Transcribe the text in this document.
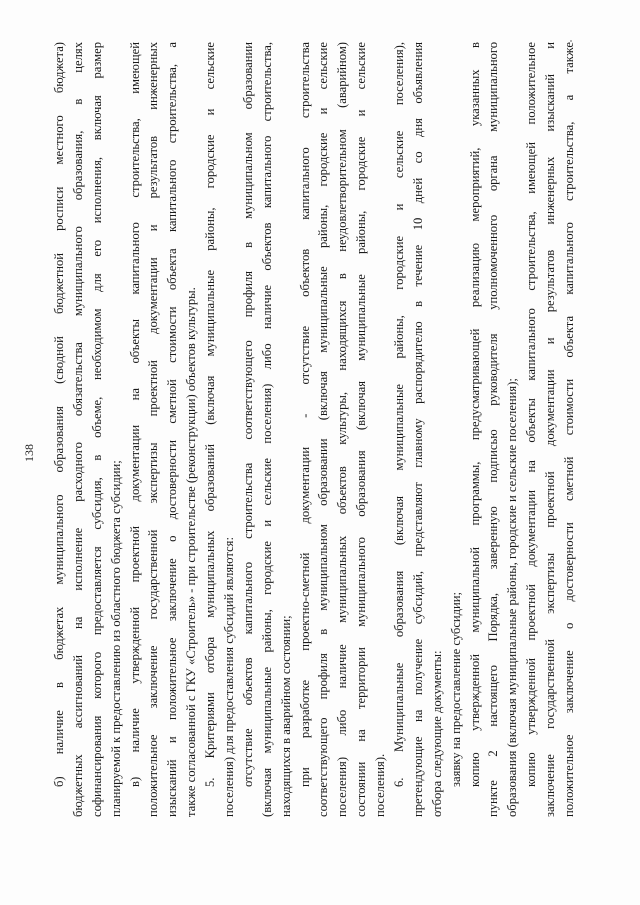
138 б) наличие в бюджетах муниципального образования (сводной бюджетной росписи местного бюджета) бюджетных ассигнований на исполнение расходного обязательства муниципального образования, в целях софинансирования которого предоставляется субсидия, в объеме, необходимом для его исполнения, включая размер планируемой к предоставлению из областного бюджета субсидии; в) наличие утвержденной проектной документации на объекты капитального строительства, имеющей положительное заключение государственной экспертизы проектной документации и результатов инженерных изысканий и положительное заключение о достоверности сметной стоимости объекта капитального строительства, а также согласованной с ГКУ «Строитель» - при строительстве (реконструкции) объектов культуры. 5. Критериями отбора муниципальных образований (включая муниципальные районы, городские и сельские поселения) для предоставления субсидий являются: отсутствие объектов капитального строительства соответствующего профиля в муниципальном образовании (включая муниципальные районы, городские и сельские поселения) либо наличие объектов капитального строительства, находящихся в аварийном состоянии; при разработке проектно-сметной документации - отсутствие объектов капитального строительства соответствующего профиля в муниципальном образовании (включая муниципальные районы, городские и сельские поселения) либо наличие муниципальных объектов культуры, находящихся в неудовлетворительном (аварийном) состоянии на территории муниципального образования (включая муниципальные районы, городские и сельские поселения). 6. Муниципальные образования (включая муниципальные районы, городские и сельские поселения), претендующие на получение субсидий, представляют главному распорядителю в течение 10 дней со дня объявления отбора следующие документы: заявку на предоставление субсидии; копию утвержденной муниципальной программы, предусматривающей реализацию мероприятий, указанных в пункте 2 настоящего Порядка, заверенную подписью руководителя уполномоченного органа муниципального образования (включая муниципальные районы, городские и сельские поселения); копию утвержденной проектной документации на объекты капитального строительства, имеющей положительное заключение государственной экспертизы проектной документации и результатов инженерных изысканий и положительное заключение о достоверности сметной стоимости объекта капитального строительства, а также
